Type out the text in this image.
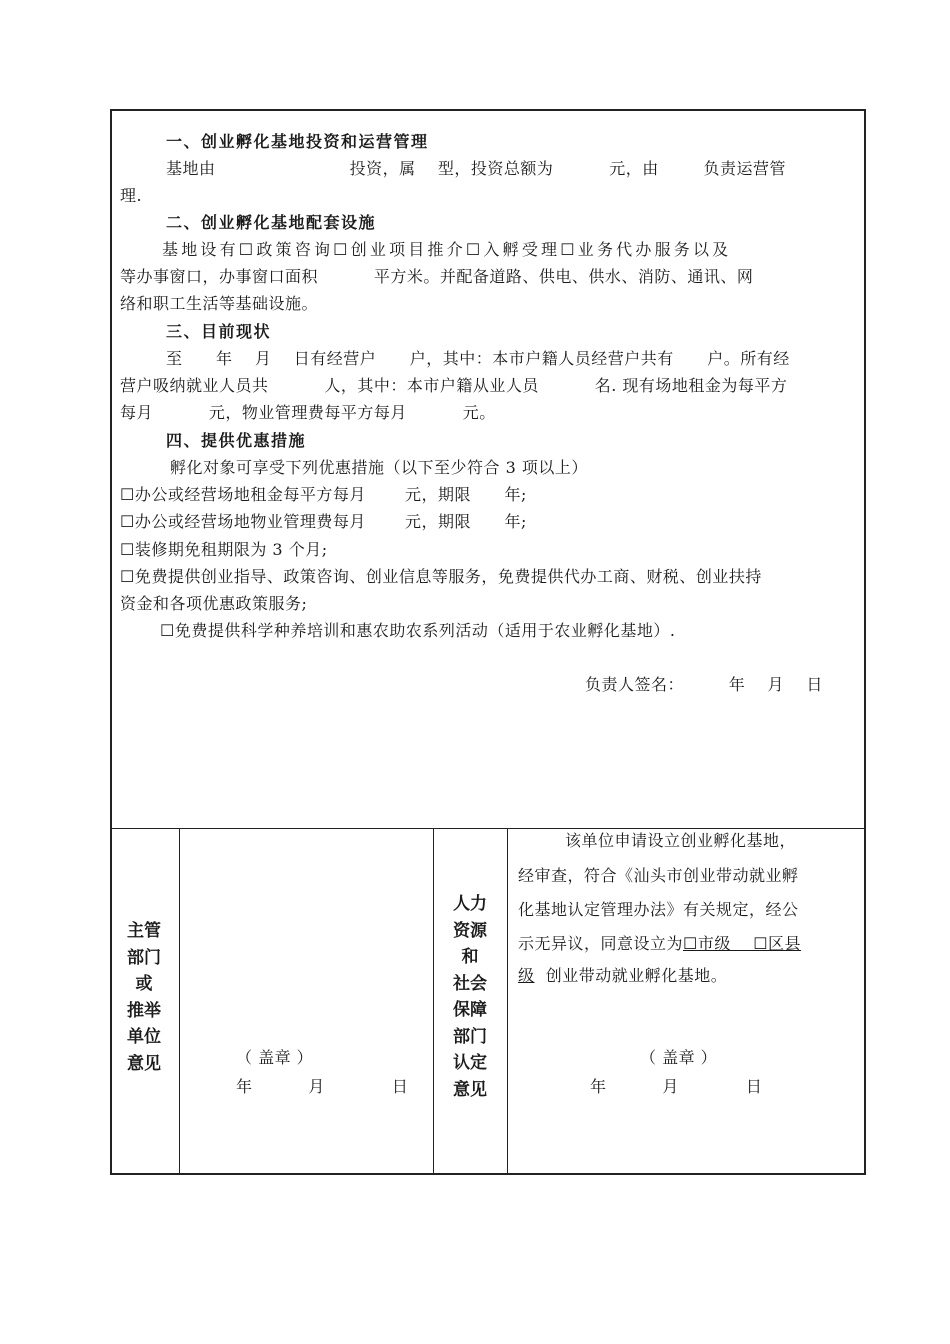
一、创业孵化基地投资和运营管理
基地由                        投资，属    型，投资总额为          元，由        负责运营管
理.
二、创业孵化基地配套设施
基地设有☐政策咨询☐创业项目推介☐入孵受理☐业务代办服务以及
等办事窗口，办事窗口面积          平方米。并配备道路、供电、供水、消防、通讯、网
络和职工生活等基础设施。
三、目前现状
至      年    月    日有经营户      户，其中：本市户籍人员经营户共有      户。所有经
营户吸纳就业人员共          人，其中：本市户籍从业人员          名. 现有场地租金为每平方
每月          元，物业管理费每平方每月          元。
四、提供优惠措施
孵化对象可享受下列优惠措施（以下至少符合 3 项以上）
☐办公或经营场地租金每平方每月       元，期限      年;
☐办公或经营场地物业管理费每月       元，期限      年;
☐装修期免租期限为 3 个月;
☐免费提供创业指导、政策咨询、创业信息等服务，免费提供代办工商、财税、创业扶持
资金和各项优惠政策服务;
☐免费提供科学种养培训和惠农助农系列活动（适用于农业孵化基地）.
负责人签名：        年    月    日
主管
部门
或
推举
单位
意见	（ 盖章 ）
年          月            日
人力
资源
和
社会
保障
部门
认定
意见
该单位申请设立创业孵化基地，
经审查，符合《汕头市创业带动就业孵
化基地认定管理办法》有关规定，经公
示无异议，同意设立为☐市级    ☐区县
级  创业带动就业孵化基地。
（ 盖章 ）
年          月            日
